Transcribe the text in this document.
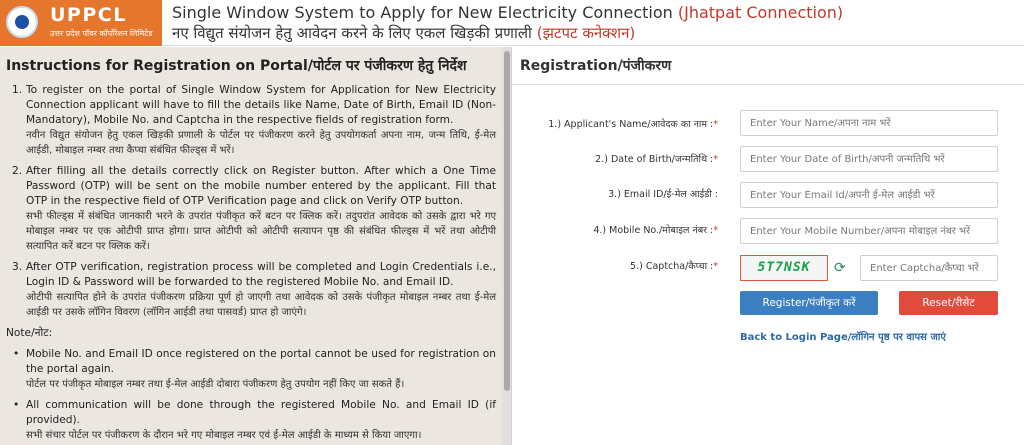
UPPCL
उत्तर प्रदेश पॉवर कॉर्पोरेशन लिमिटेड
Single Window System to Apply for New Electricity Connection (Jhatpat Connection)
नए विद्युत संयोजन हेतु आवेदन करने के लिए एकल खिड़की प्रणाली (झटपट कनेक्शन)
Instructions for Registration on Portal/पोर्टल पर पंजीकरण हेतु निर्देश
1. To register on the portal of Single Window System for Application for New Electricity Connection applicant will have to fill the details like Name, Date of Birth, Email ID (Non-Mandatory), Mobile No. and Captcha in the respective fields of registration form.
नवीन विद्युत संयोजन हेतु एकल खिड़की प्रणाली के पोर्टल पर पंजीकरण करने हेतु उपयोगकर्ता अपना नाम, जन्म तिथि, ई-मेल आईडी, मोबाइल नम्बर तथा कैप्चा संबंधित फील्ड्स में भरें।
2. After filling all the details correctly click on Register button. After which a One Time Password (OTP) will be sent on the mobile number entered by the applicant. Fill that OTP in the respective field of OTP Verification page and click on Verify OTP button.
सभी फील्ड्स में संबंधित जानकारी भरने के उपरांत पंजीकृत करें बटन पर क्लिक करें। तदुपरांत आवेदक को उसके द्वारा भरे गए मोबाइल नम्बर पर एक ओटीपी प्राप्त होगा। प्राप्त ओटीपी को ओटीपी सत्यापन पृष्ठ की संबंधित फील्ड्स में भरें तथा ओटीपी सत्यापित करें बटन पर क्लिक करें।
3. After OTP verification, registration process will be completed and Login Credentials i.e., Login ID & Password will be forwarded to the registered Mobile No. and Email ID.
ओटीपी सत्यापित होने के उपरांत पंजीकरण प्रक्रिया पूर्ण हो जाएगी तथा आवेदक को उसके पंजीकृत मोबाइल नम्बर तथा ई-मेल आईडी पर उसके लॉगिन विवरण (लॉगिन आईडी तथा पासवर्ड) प्राप्त हो जाएंगे।
Note/नोट:
• Mobile No. and Email ID once registered on the portal cannot be used for registration on the portal again.
पोर्टल पर पंजीकृत मोबाइल नम्बर तथा ई-मेल आईडी दोबारा पंजीकरण हेतु उपयोग नहीं किए जा सकते हैं।
• All communication will be done through the registered Mobile No. and Email ID (if provided).
सभी संचार पोर्टल पर पंजीकरण के दौरान भरे गए मोबाइल नम्बर एवं ई-मेल आईडी के माध्यम से किया जाएगा।
Registration/पंजीकरण
1.) Applicant's Name/आवेदक का नाम :*
Enter Your Name/अपना नाम भरें
2.) Date of Birth/जन्मतिथि :*
Enter Your Date of Birth/अपनी जन्मतिथि भरें
3.) Email ID/ई-मेल आईडी :
Enter Your Email Id/अपनी ई-मेल आईडी भरें
4.) Mobile No./मोबाइल नंबर :*
Enter Your Mobile Number/अपना मोबाइल नंबर भरें
5.) Captcha/कैप्चा :*	5T7NSK	⟳
Enter Captcha/कैप्चा भरें
Register/पंजीकृत करें	Reset/रीसेट
Back to Login Page/लॉगिन पृष्ठ पर वापस जाएं
